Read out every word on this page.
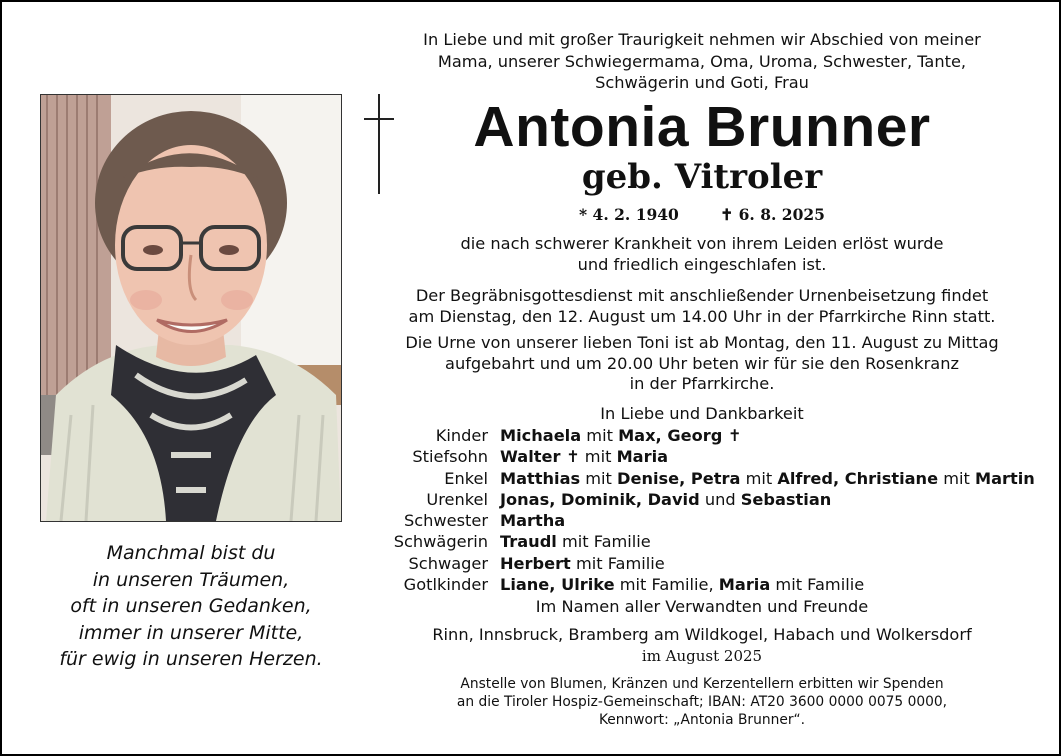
Manchmal bist du
in unseren Träumen,
oft in unseren Gedanken,
immer in unserer Mitte,
für ewig in unseren Herzen.
In Liebe und mit großer Traurigkeit nehmen wir Abschied von meiner
Mama, unserer Schwiegermama, Oma, Uroma, Schwester, Tante,
Schwägerin und Goti, Frau
Antonia Brunner
geb. Vitroler
* 4. 2. 1940	✝ 6. 8. 2025
die nach schwerer Krankheit von ihrem Leiden erlöst wurde
und friedlich eingeschlafen ist.
Der Begräbnisgottesdienst mit anschließender Urnenbeisetzung findet
am Dienstag, den 12. August um 14.00 Uhr in der Pfarrkirche Rinn statt.
Die Urne von unserer lieben Toni ist ab Montag, den 11. August zu Mittag
aufgebahrt und um 20.00 Uhr beten wir für sie den Rosenkranz
in der Pfarrkirche.
In Liebe und Dankbarkeit
Kinder Michaela mit Max, Georg ✝
Stiefsohn Walter ✝ mit Maria
Enkel Matthias mit Denise, Petra mit Alfred, Christiane mit Martin
Urenkel Jonas, Dominik, David und Sebastian
Schwester Martha
Schwägerin Traudl mit Familie
Schwager Herbert mit Familie
Gotlkinder Liane, Ulrike mit Familie, Maria mit Familie
Im Namen aller Verwandten und Freunde
Rinn, Innsbruck, Bramberg am Wildkogel, Habach und Wolkersdorf
im August 2025
Anstelle von Blumen, Kränzen und Kerzentellern erbitten wir Spenden
an die Tiroler Hospiz-Gemeinschaft; IBAN: AT20 3600 0000 0075 0000,
Kennwort: „Antonia Brunner“.
